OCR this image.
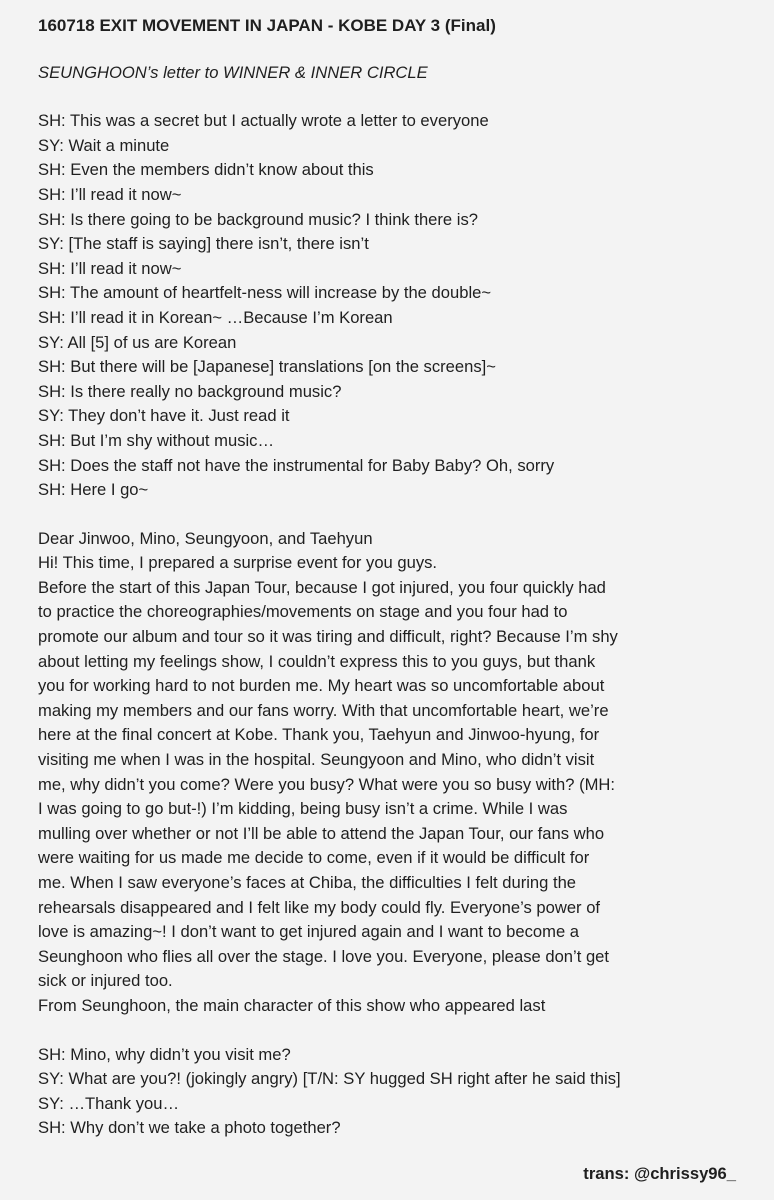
160718 EXIT MOVEMENT IN JAPAN - KOBE DAY 3 (Final)
SEUNGHOON’s letter to WINNER & INNER CIRCLE
SH: This was a secret but I actually wrote a letter to everyone
SY: Wait a minute
SH: Even the members didn’t know about this
SH: I’ll read it now~
SH: Is there going to be background music? I think there is?
SY: [The staff is saying] there isn’t, there isn’t
SH: I’ll read it now~
SH: The amount of heartfelt-ness will increase by the double~
SH: I’ll read it in Korean~ …Because I’m Korean
SY: All [5] of us are Korean
SH: But there will be [Japanese] translations [on the screens]~
SH: Is there really no background music?
SY: They don’t have it. Just read it
SH: But I’m shy without music…
SH: Does the staff not have the instrumental for Baby Baby? Oh, sorry
SH: Here I go~
Dear Jinwoo, Mino, Seungyoon, and Taehyun
Hi! This time, I prepared a surprise event for you guys.
Before the start of this Japan Tour, because I got injured, you four quickly had
to practice the choreographies/movements on stage and you four had to
promote our album and tour so it was tiring and difficult, right? Because I’m shy
about letting my feelings show, I couldn’t express this to you guys, but thank
you for working hard to not burden me. My heart was so uncomfortable about
making my members and our fans worry. With that uncomfortable heart, we’re
here at the final concert at Kobe. Thank you, Taehyun and Jinwoo-hyung, for
visiting me when I was in the hospital. Seungyoon and Mino, who didn’t visit
me, why didn’t you come? Were you busy? What were you so busy with? (MH:
I was going to go but-!) I’m kidding, being busy isn’t a crime. While I was
mulling over whether or not I’ll be able to attend the Japan Tour, our fans who
were waiting for us made me decide to come, even if it would be difficult for
me. When I saw everyone’s faces at Chiba, the difficulties I felt during the
rehearsals disappeared and I felt like my body could fly. Everyone’s power of
love is amazing~! I don’t want to get injured again and I want to become a
Seunghoon who flies all over the stage. I love you. Everyone, please don’t get
sick or injured too.
From Seunghoon, the main character of this show who appeared last
SH: Mino, why didn’t you visit me?
SY: What are you?! (jokingly angry) [T/N: SY hugged SH right after he said this]
SY: …Thank you…
SH: Why don’t we take a photo together?
trans: @chrissy96_
